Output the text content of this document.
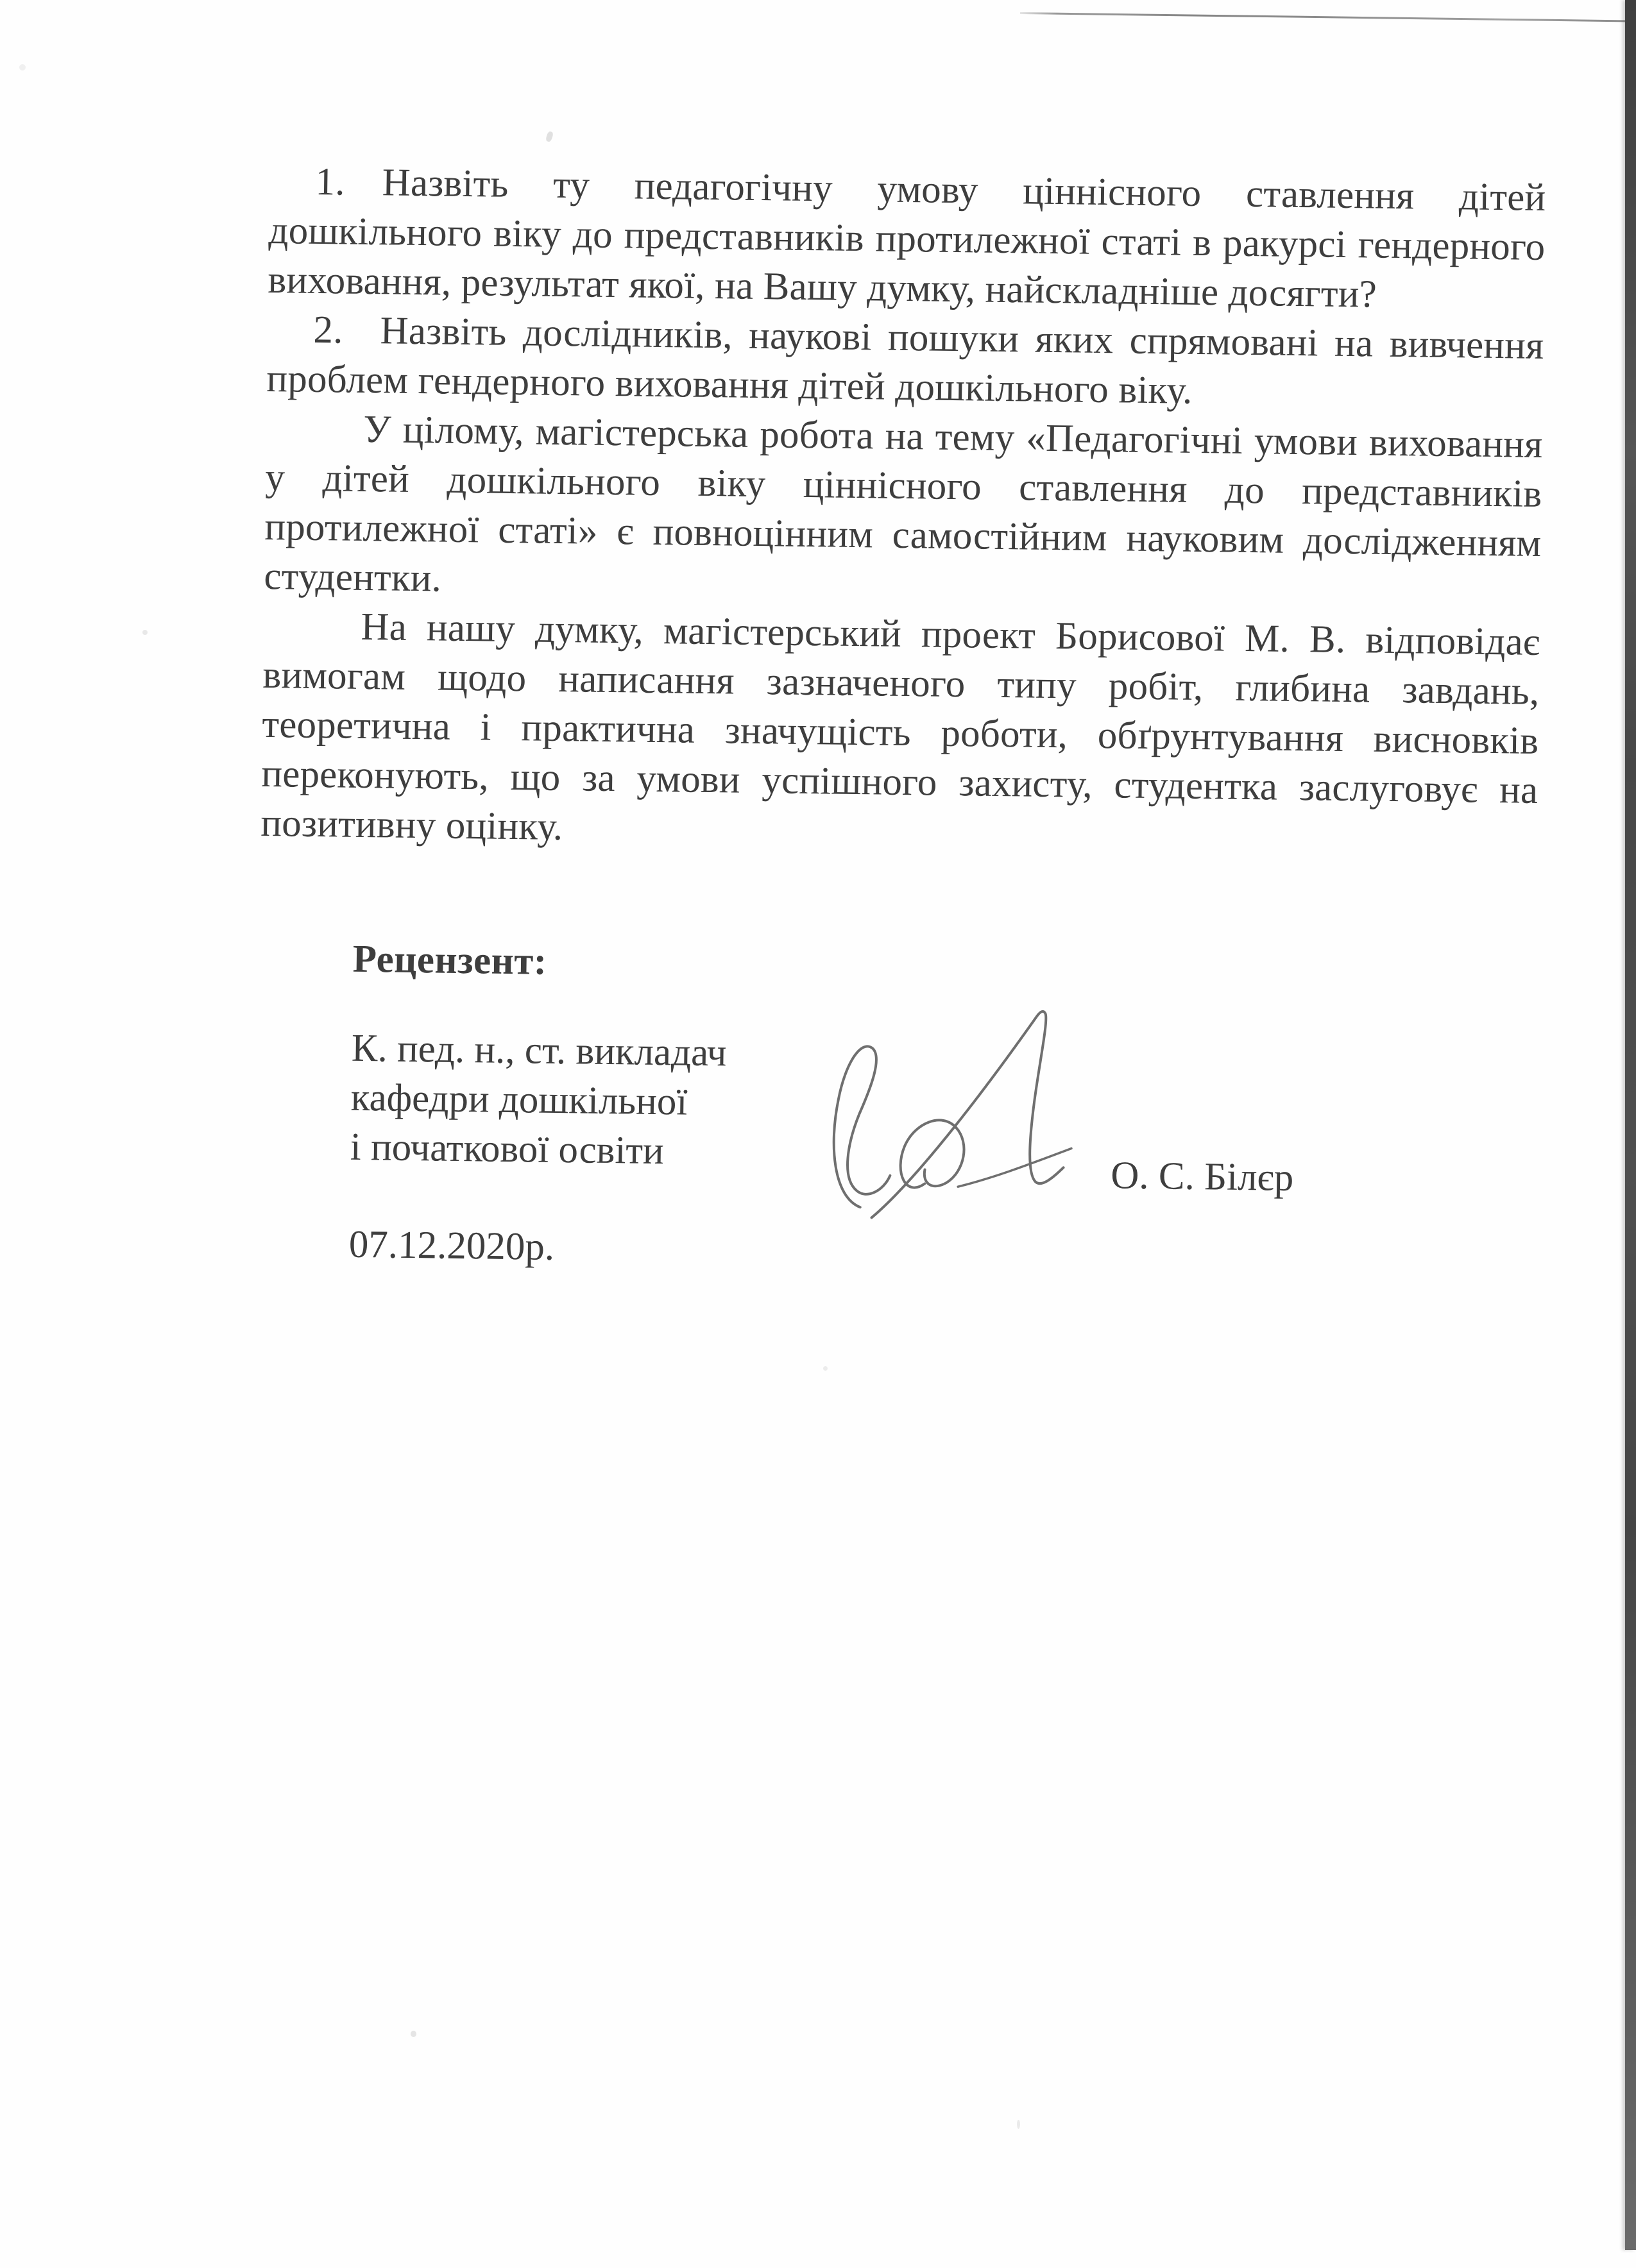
1. Назвіть ту педагогічну умову ціннісного ставлення дітей дошкільного віку до представників протилежної статі в ракурсі гендерного виховання, результат якої, на Вашу думку, найскладніше досягти?

2. Назвіть дослідників, наукові пошуки яких спрямовані на вивчення проблем гендерного виховання дітей дошкільного віку.

У цілому, магістерська робота на тему «Педагогічні умови виховання у дітей дошкільного віку ціннісного ставлення до представників протилежної статі» є повноцінним самостійним науковим дослідженням студентки.

На нашу думку, магістерський проект Борисової М. В. відповідає вимогам щодо написання зазначеного типу робіт, глибина завдань, теоретична і практична значущість роботи, обґрунтування висновків переконують, що за умови успішного захисту, студентка заслуговує на позитивну оцінку.

Рецензент:
К. пед. н., ст. викладач
кафедри дошкільної
і початкової освіти
О. С. Білєр
07.12.2020р.
